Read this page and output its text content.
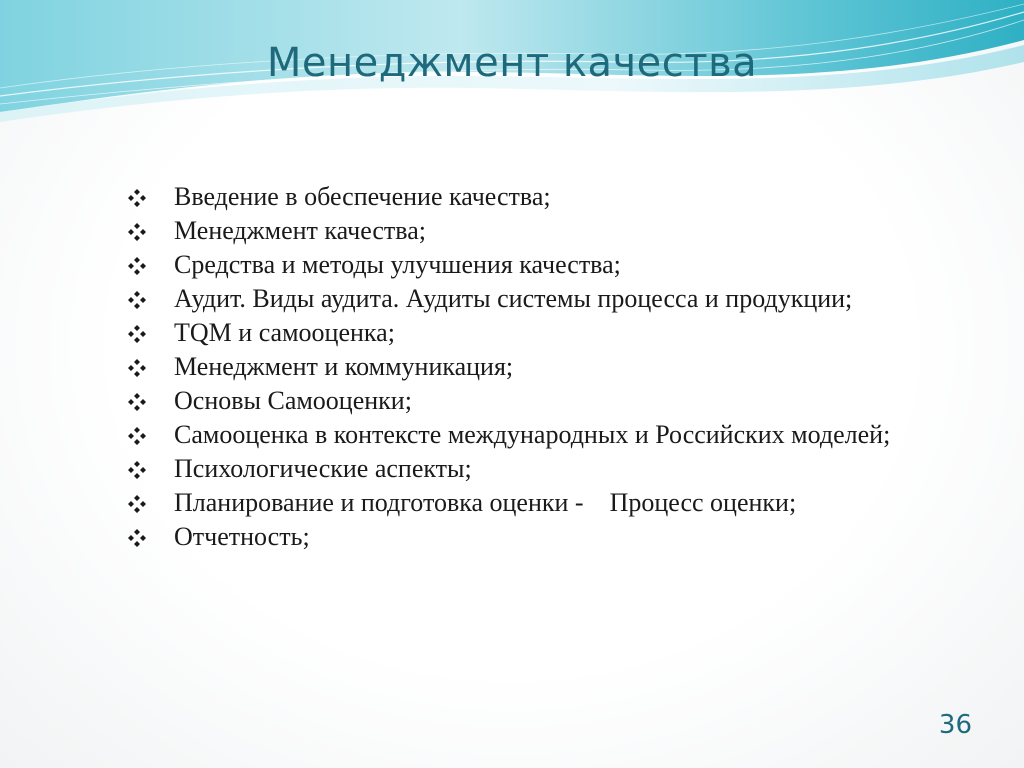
Менеджмент качества
Введение в обеспечение качества;
Менеджмент качества;
Средства и методы улучшения качества;
Аудит. Виды аудита. Аудиты системы процесса и продукции;
TQM и самооценка;
Менеджмент и коммуникация;
Основы Самооценки;
Самооценка в контексте международных и Российских моделей;
Психологические аспекты;
Планирование и подготовка оценки - Процесс оценки;
Отчетность;
36
